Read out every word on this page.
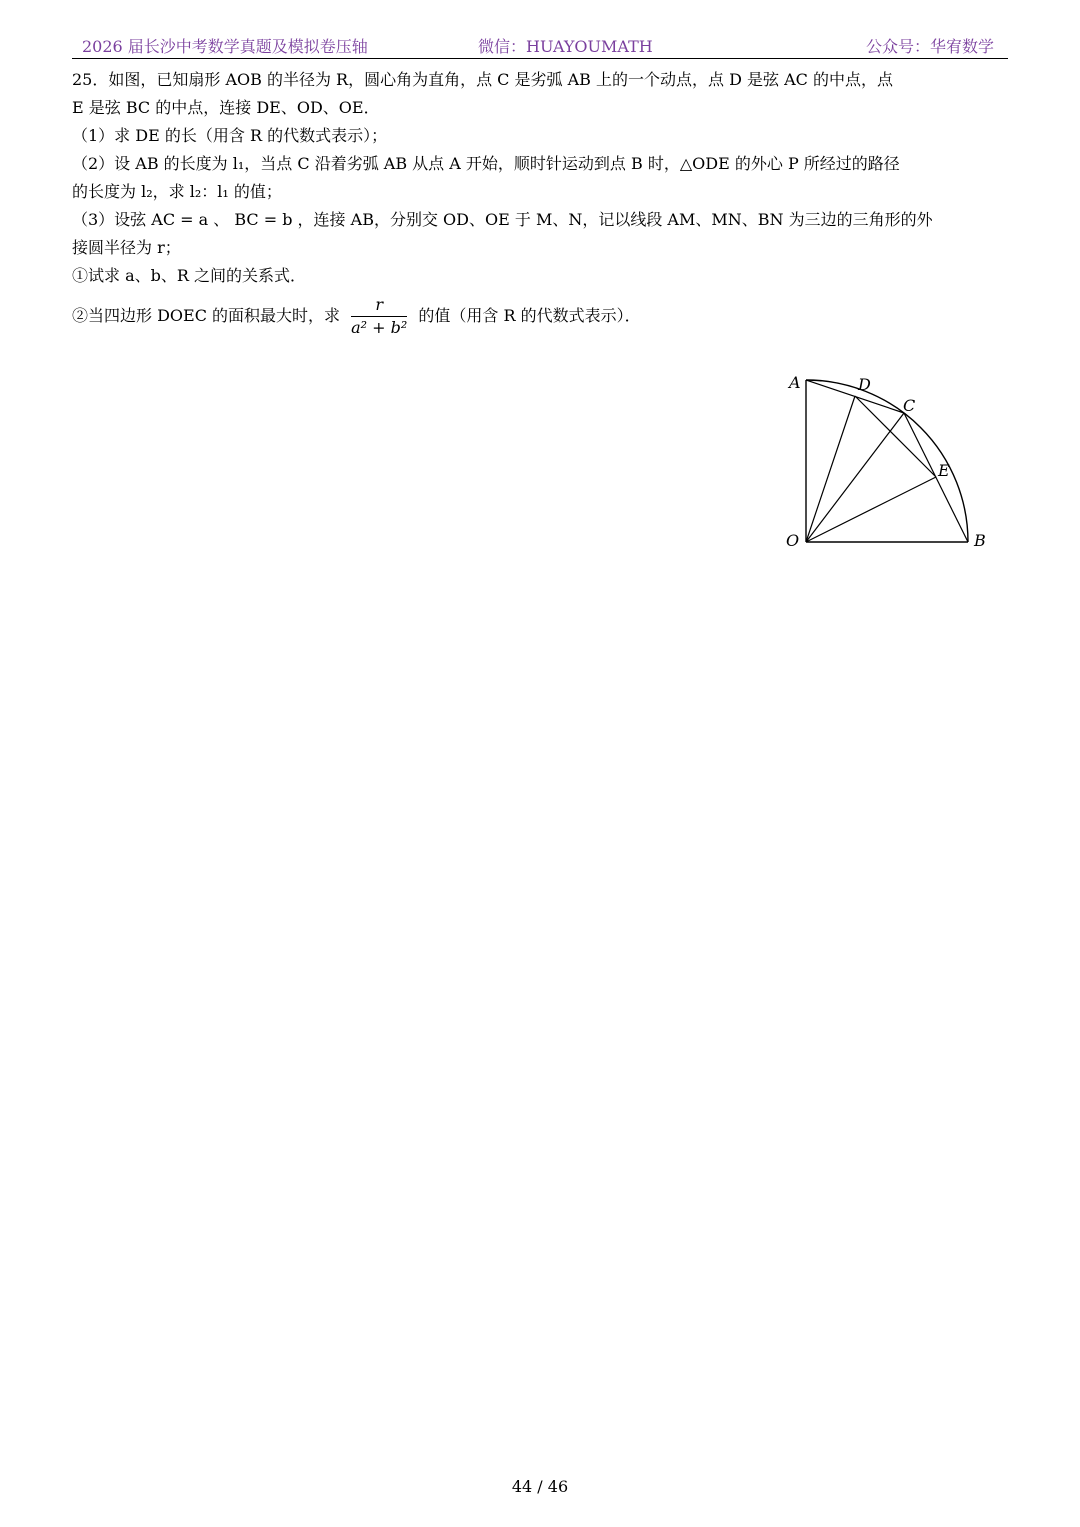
2026 届长沙中考数学真题及模拟卷压轴	微信：HUAYOUMATH	公众号：华宥数学
25．如图，已知扇形 AOB 的半径为 R，圆心角为直角，点 C 是劣弧 AB 上的一个动点，点 D 是弦 AC 的中点，点
E 是弦 BC 的中点，连接 DE、OD、OE．
（1）求 DE 的长（用含 R 的代数式表示）；
（2）设 AB 的长度为 l₁，当点 C 沿着劣弧 AB 从点 A 开始，顺时针运动到点 B 时，△ODE 的外心 P 所经过的路径
的长度为 l₂，求 l₂：l₁ 的值；
（3）设弦 AC = a 、 BC = b ，连接 AB，分别交 OD、OE 于 M、N，记以线段 AM、MN、BN 为三边的三角形的外
接圆半径为 r；
①试求 a、b、R 之间的关系式．
②当四边形 DOEC 的面积最大时，求 $\frac{r}{\text{a² + b²}}$ 的值（用含 R 的代数式表示）．
A	D
C
E
O	B
44 / 46
